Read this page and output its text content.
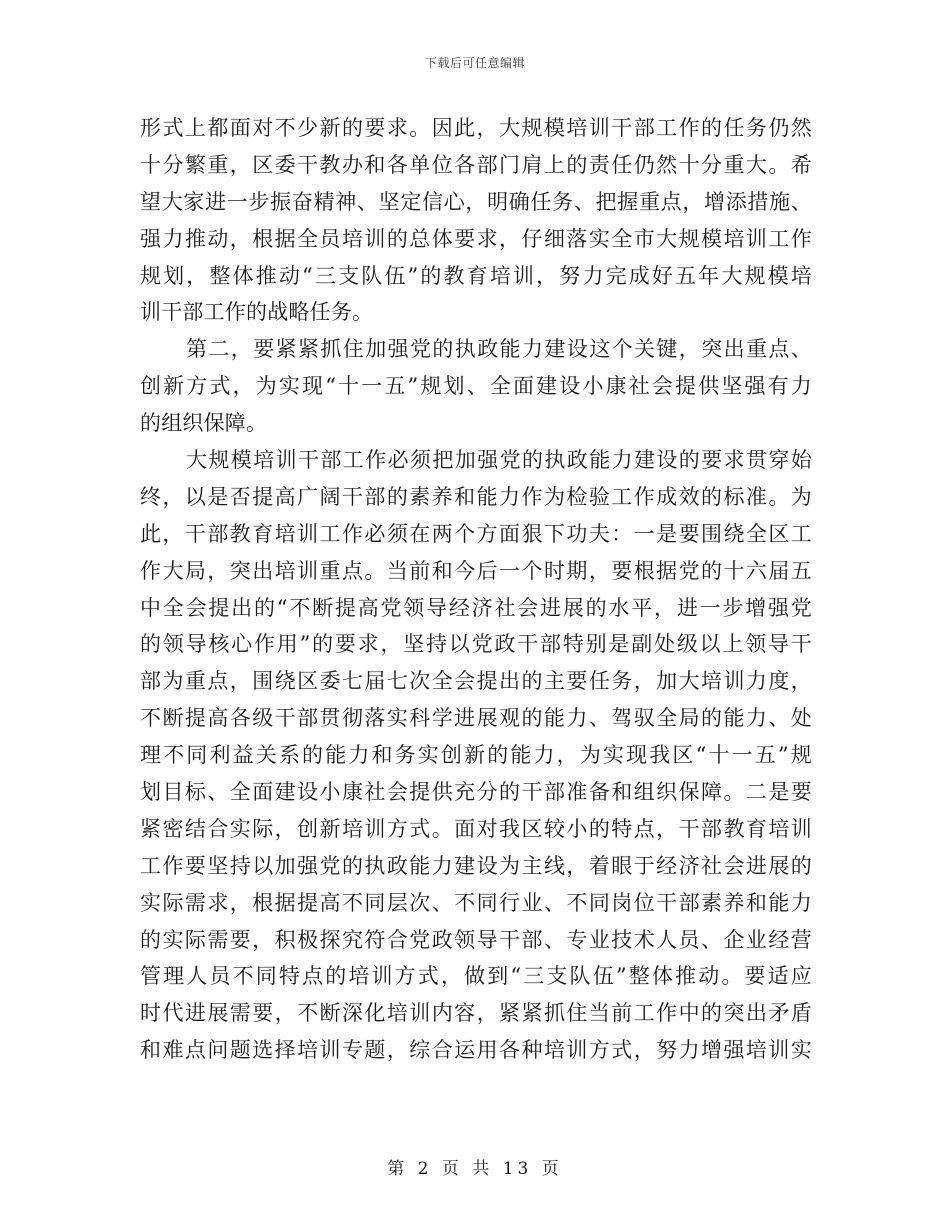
下载后可任意编辑
形式上都面对不少新的要求。因此，大规模培训干部工作的任务仍然
十分繁重，区委干教办和各单位各部门肩上的责任仍然十分重大。希
望大家进一步振奋精神、坚定信心，明确任务、把握重点，增添措施、
强力推动，根据全员培训的总体要求，仔细落实全市大规模培训工作
规划，整体推动“三支队伍”的教育培训，努力完成好五年大规模培
训干部工作的战略任务。
第二，要紧紧抓住加强党的执政能力建设这个关键，突出重点、
创新方式，为实现“十一五”规划、全面建设小康社会提供坚强有力
的组织保障。
大规模培训干部工作必须把加强党的执政能力建设的要求贯穿始
终，以是否提高广阔干部的素养和能力作为检验工作成效的标准。为
此，干部教育培训工作必须在两个方面狠下功夫：一是要围绕全区工
作大局，突出培训重点。当前和今后一个时期，要根据党的十六届五
中全会提出的“不断提高党领导经济社会进展的水平，进一步增强党
的领导核心作用”的要求，坚持以党政干部特别是副处级以上领导干
部为重点，围绕区委七届七次全会提出的主要任务，加大培训力度，
不断提高各级干部贯彻落实科学进展观的能力、驾驭全局的能力、处
理不同利益关系的能力和务实创新的能力，为实现我区“十一五”规
划目标、全面建设小康社会提供充分的干部准备和组织保障。二是要
紧密结合实际，创新培训方式。面对我区较小的特点，干部教育培训
工作要坚持以加强党的执政能力建设为主线，着眼于经济社会进展的
实际需求，根据提高不同层次、不同行业、不同岗位干部素养和能力
的实际需要，积极探究符合党政领导干部、专业技术人员、企业经营
管理人员不同特点的培训方式，做到“三支队伍”整体推动。要适应
时代进展需要，不断深化培训内容，紧紧抓住当前工作中的突出矛盾
和难点问题选择培训专题，综合运用各种培训方式，努力增强培训实
第 2 页 共 13 页
